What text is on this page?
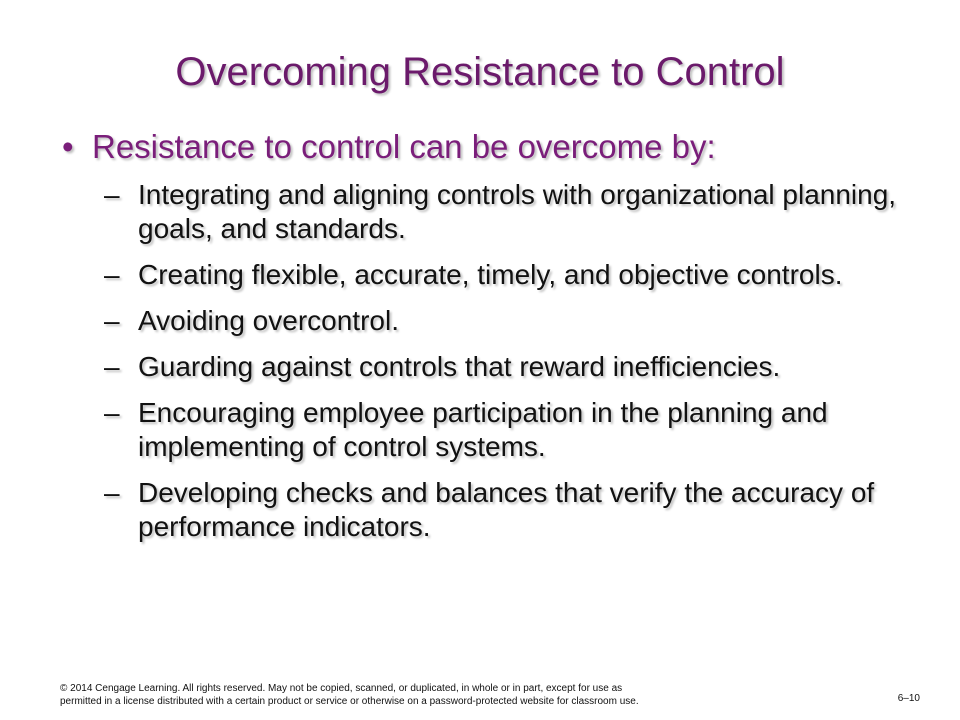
Overcoming Resistance to Control
• Resistance to control can be overcome by:
– Integrating and aligning controls with organizational planning, goals, and standards.
– Creating flexible, accurate, timely, and objective controls.
– Avoiding overcontrol.
– Guarding against controls that reward inefficiencies.
– Encouraging employee participation in the planning and implementing of control systems.
– Developing checks and balances that verify the accuracy of performance indicators.
© 2014 Cengage Learning. All rights reserved. May not be copied, scanned, or duplicated, in whole or in part, except for use as
permitted in a license distributed with a certain product or service or otherwise on a password-protected website for classroom use.	6–10
